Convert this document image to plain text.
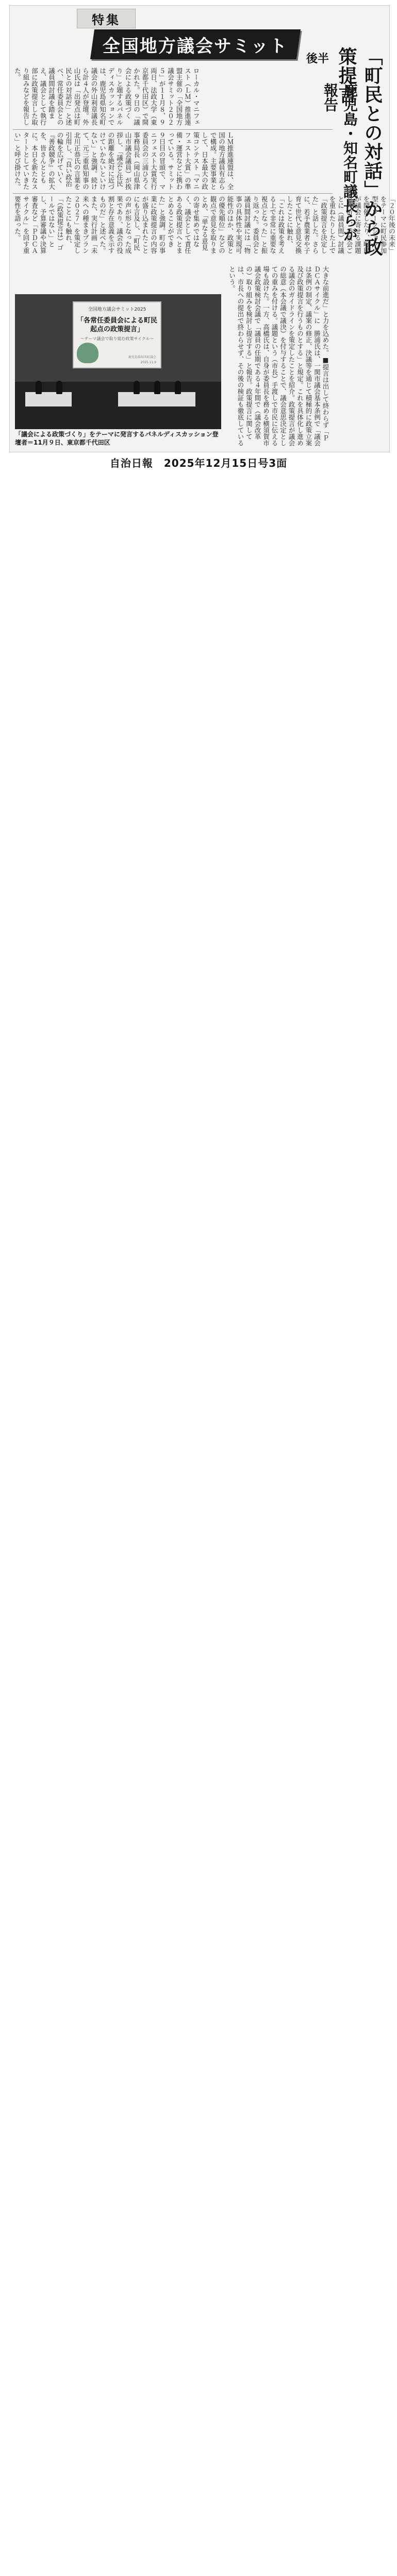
特集
全国地方議会サミット
後半 「町民との対話」から政策提言
鹿児島・知名町議長らが報告

ローカル・マニフェスト（ＬＭ）推進連盟主催の「全国地方議会サミット２０２５」が１１月８、９両日、法政大学（東京都千代田区）で開かれた。９日の「議会による政策づくり」と題するパネルディスカッションでは、鹿児島県知名町議会の外山利章議長ら計４人が登壇。外山氏は「出発点は町民との対話だ」と述べ、常任委員会との議員間討議を踏まえ、議会として執行部に政策提言した取り組みなどを報告した。

ＬＭ推進連盟は、全国の地方議員有志らで構成。主要事業として、日本最大の政策コンテスト「マニフェスト大賞」の準備・運営などに携わっている。サミット９日目の冒頭で、マニフェスト大賞実行委員会の三浦ひろく事務局長（岡山県津山市議会議員）が挨拶し、「議会と住民の距離を絶対に近づけていかないといけない」と強調。続けて、元三重県知事の北川正恭氏の言葉を引用し、「良い政治の輪を広げていく『善政競争』の拡大を、皆さんとともに。本日を新たなスタートとしていきたい」と呼び掛けた。

　「２０年後の未来」をテーマに町民参加型のワークショップを開催したり、町民が議会に寄せる課題を分析し、委員会ごとに（議員間）討議を重ねたりした上で「政策提言を決定した」と話した。さらに、若手農業者や子育て世代と意見交換したことに触れ、「これは政策を考える上で非常に重要な視点となった」と振り返った。委員会と議員間討議には「物事の具体性や実現可能性のほか、政策との優先順位」などの観点で意見を取りまとめ、「単なる意見の寄せ集めではなく、議会として責任ある政策提言へとまとめることができた」と強調。町の事業に政策提言の内容が盛り込まれたことにも言及し、「町民の声が形となった成果であり、議会の役割と存在意義を示すものだ」と述べた。また、実行計画「未来への種まきプラン２０２７」を策定したことにも触れ、「（政策提言は）ゴールではない」とし、予算審議や決算審査など「ＰＤＣＡサイクル」を回す重要性を語った。

大きな前進だ」と力を込めた。■提言は出して終わらず「ＰＤＣＡサイクル」に　勝浦氏は、一関市議会基本条例で「議会は条例の制定、議案の修正、決議等を通じて積極的に政策立案及び政策提言を行うものとする」と規定。これを具体化し進める議会のガイドラインを策定したことを紹介。政策提言が議会の総意（本会議で議決）を付与することで、議会意思決定としての重みを付ける。議題という（市長）手渡しで市民に伝える場も設けた。一方、高橋氏は、自身が委員長を務める横須賀市議会政策検討会議で「議員の任期である４年間で（議会改革の）取り組みを検討し提言する」と報告。政策提言に関しては、市長への提出で終わらせず、その後の検証も徹底しているという。

全国地方議会サミット2025
「各常任委員会による町民起点の政策提言」
～テーマ議会で取り組む政策サイクル～
鹿児島県知名町議会
2025.11.9
「議会による政策づくり」をテーマに発言するパネルディスカッション登壇者＝11月９日、東京都千代田区
自治日報　2025年12月15日号3面
